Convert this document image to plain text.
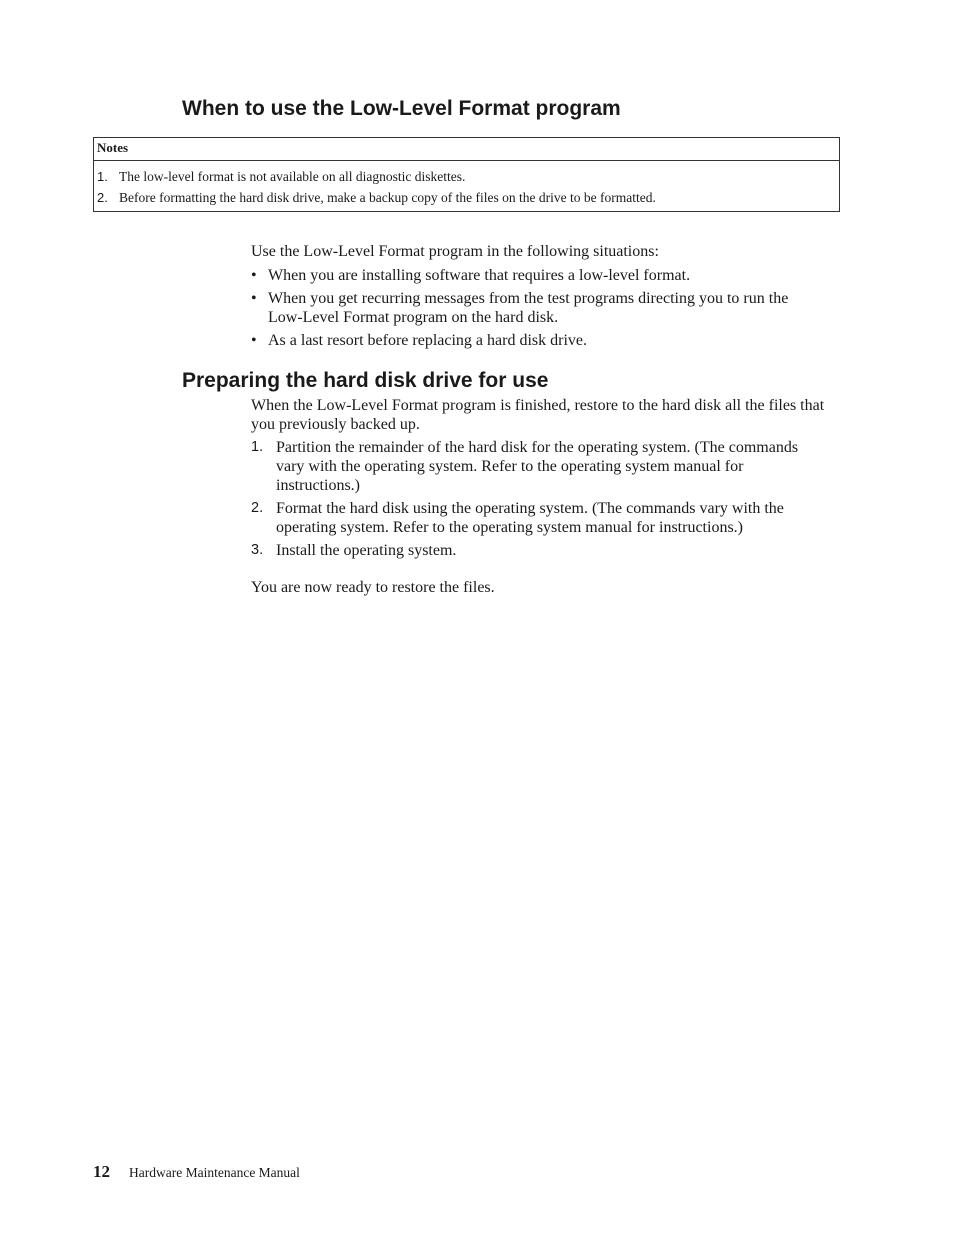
When to use the Low-Level Format program
Notes
1. The low-level format is not available on all diagnostic diskettes.
2. Before formatting the hard disk drive, make a backup copy of the files on the drive to be formatted.

Use the Low-Level Format program in the following situations:

• When you are installing software that requires a low-level format.
• When you get recurring messages from the test programs directing you to run the Low-Level Format program on the hard disk.
• As a last resort before replacing a hard disk drive.
Preparing the hard disk drive for use

When the Low-Level Format program is finished, restore to the hard disk all the files that you previously backed up.

1. Partition the remainder of the hard disk for the operating system. (The commands vary with the operating system. Refer to the operating system manual for instructions.)
2. Format the hard disk using the operating system. (The commands vary with the operating system. Refer to the operating system manual for instructions.)
3. Install the operating system.

You are now ready to restore the files.

12 Hardware Maintenance Manual
